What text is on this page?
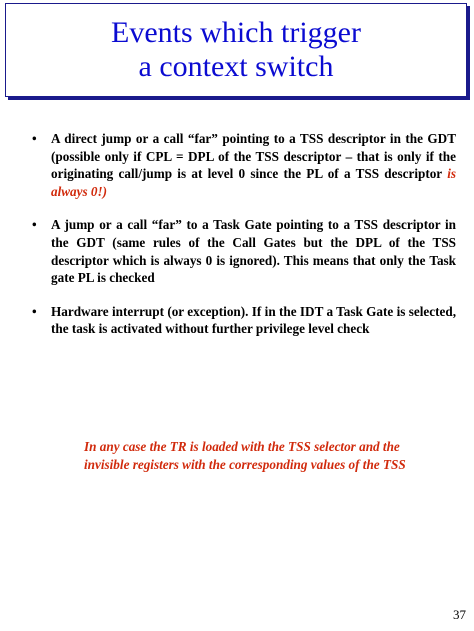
Events which trigger
a context switch
• A direct jump or a call “far” pointing to a TSS descriptor in the GDT (possible only if CPL = DPL of the TSS descriptor – that is only if the originating call/jump is at level 0 since the PL of a TSS descriptor is always 0!)
• A jump or a call “far” to a Task Gate pointing to a TSS descriptor in the GDT (same rules of the Call Gates but the DPL of the TSS descriptor which is always 0 is ignored). This means that only the Task gate PL is checked
• Hardware interrupt (or exception). If in the IDT a Task Gate is selected, the task is activated without further privilege level check
In any case the TR is loaded with the TSS selector and the invisible registers with the corresponding values of the TSS
37
